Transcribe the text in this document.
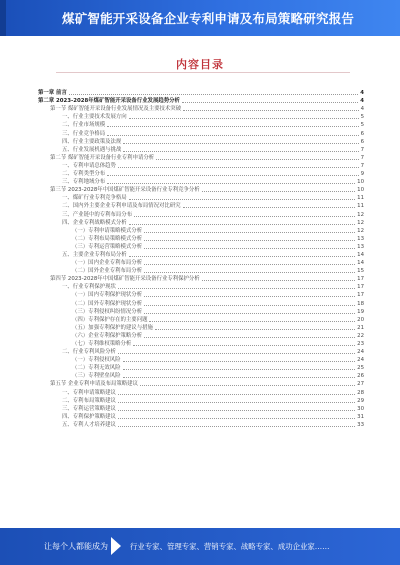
煤矿智能开采设备企业专利申请及布局策略研究报告
内容目录
第一章 前言	4
第二章 2023-2028年煤矿智能开采设备行业发展趋势分析	4
第一节 煤矿智能开采设备行业发展情况及主要技术突破	4
一、行业主要技术发展方向	5
二、行业市场规模	5
三、行业竞争格局	6
四、行业主要政策及法规	6
五、行业发展机遇与挑战	7
第二节 煤矿智能开采设备行业专利申请分析	7
一、专利申请总体趋势	7
二、专利类型分布	9
三、专利地域分布	10
第三节 2023-2028年中国煤矿智能开采设备行业专利竞争分析	10
一、煤矿行业专利竞争格局	11
二、国内外主要企业专利申请及布局情况对比研究	11
三、产业链中的专利布局分布	12
四、企业专利战略模式分析	12
（一）专利申请策略模式分析	12
（二）专利布局策略模式分析	13
（三）专利运营策略模式分析	13
五、主要企业专利布局分析	14
（一）国内企业专利布局分析	14
（二）国外企业专利布局分析	15
第四节 2023-2028年中国煤矿智能开采设备行业专利保护分析	17
一、行业专利保护现状	17
（一）国内专利保护现状分析	17
（二）国外专利保护现状分析	18
（三）专利侵权纠纷情况分析	19
（四）专利保护存在的主要问题	20
（五）加强专利保护的建议与措施	21
（六）企业专利保护策略分析	22
（七）专利维权策略分析	23
二、行业专利风险分析	24
（一）专利侵权风险	24
（二）专利无效风险	25
（三）专利壁垒风险	26
第五节 企业专利申请及布局策略建议	27
一、专利申请策略建议	28
二、专利布局策略建议	29
三、专利运营策略建议	30
四、专利保护策略建议	31
五、专利人才培养建议	33
让每个人都能成为	行业专家、管理专家、营销专家、战略专家、成功企业家……
